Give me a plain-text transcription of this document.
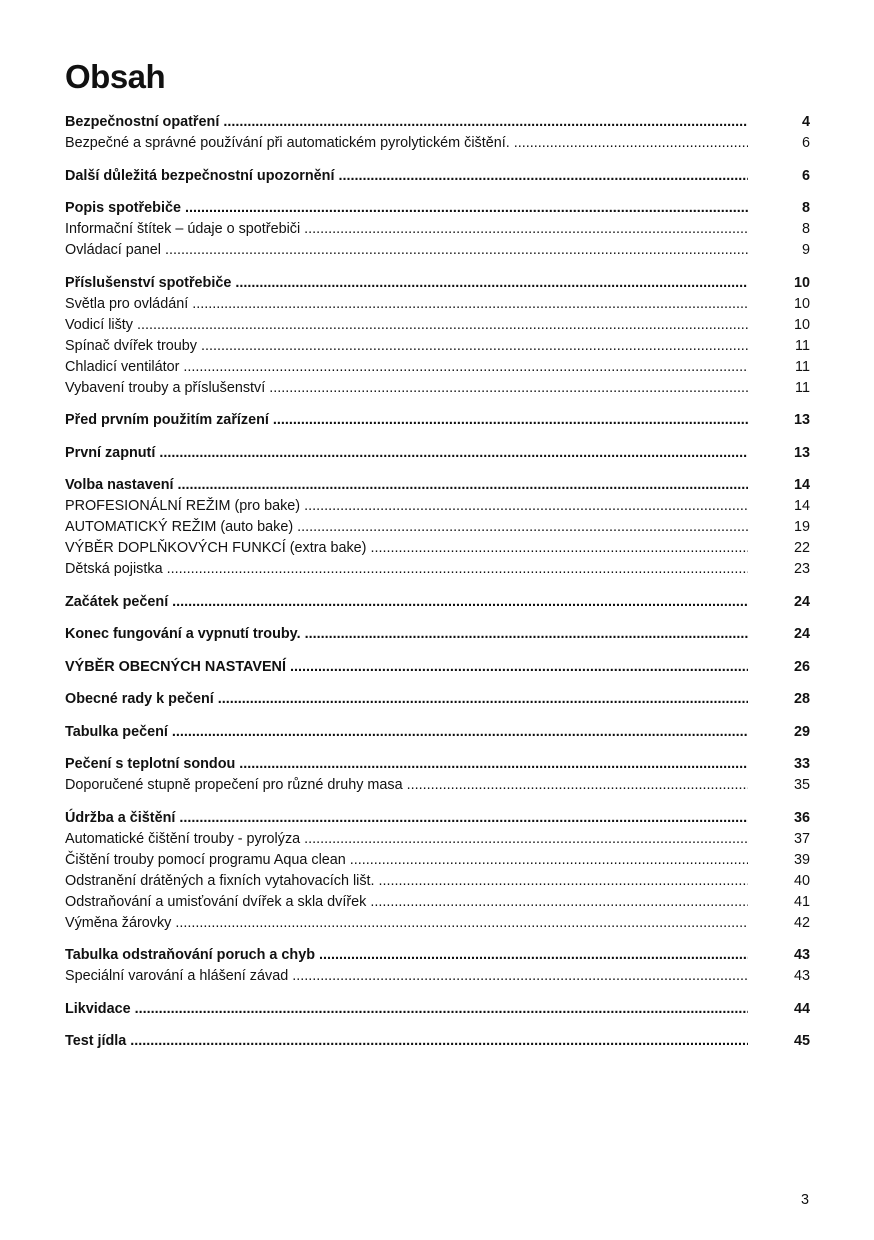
Obsah
Bezpečnostní opatření .....	4
Bezpečné a správné používání při automatickém pyrolytickém čištění. .....	6
Další důležitá bezpečnostní upozornění .....	6
Popis spotřebiče .....	8
Informační štítek – údaje o spotřebiči .....	8
Ovládací panel .....	9
Příslušenství spotřebiče .....	10
Světla pro ovládání .....	10
Vodicí lišty .....	10
Spínač dvířek trouby .....	11
Chladicí ventilátor .....	11
Vybavení trouby a příslušenství .....	11
Před prvním použitím zařízení .....	13
První zapnutí .....	13
Volba nastavení .....	14
PROFESIONÁLNÍ REŽIM (pro bake) .....	14
AUTOMATICKÝ REŽIM (auto bake) .....	19
VÝBĚR DOPLŇKOVÝCH FUNKCÍ (extra bake) .....	22
Dětská pojistka .....	23
Začátek pečení .....	24
Konec fungování a vypnutí trouby. .....	24
VÝBĚR OBECNÝCH NASTAVENÍ .....	26
Obecné rady k pečení .....	28
Tabulka pečení .....	29
Pečení s teplotní sondou .....	33
Doporučené stupně propečení pro různé druhy masa .....	35
Údržba a čištění .....	36
Automatické čištění trouby - pyrolýza .....	37
Čištění trouby pomocí programu Aqua clean .....	39
Odstranění drátěných a fixních vytahovacích lišt. .....	40
Odstraňování a umisťování dvířek a skla dvířek .....	41
Výměna žárovky .....	42
Tabulka odstraňování poruch a chyb .....	43
Speciální varování a hlášení závad .....	43
Likvidace .....	44
Test jídla .....	45
3
